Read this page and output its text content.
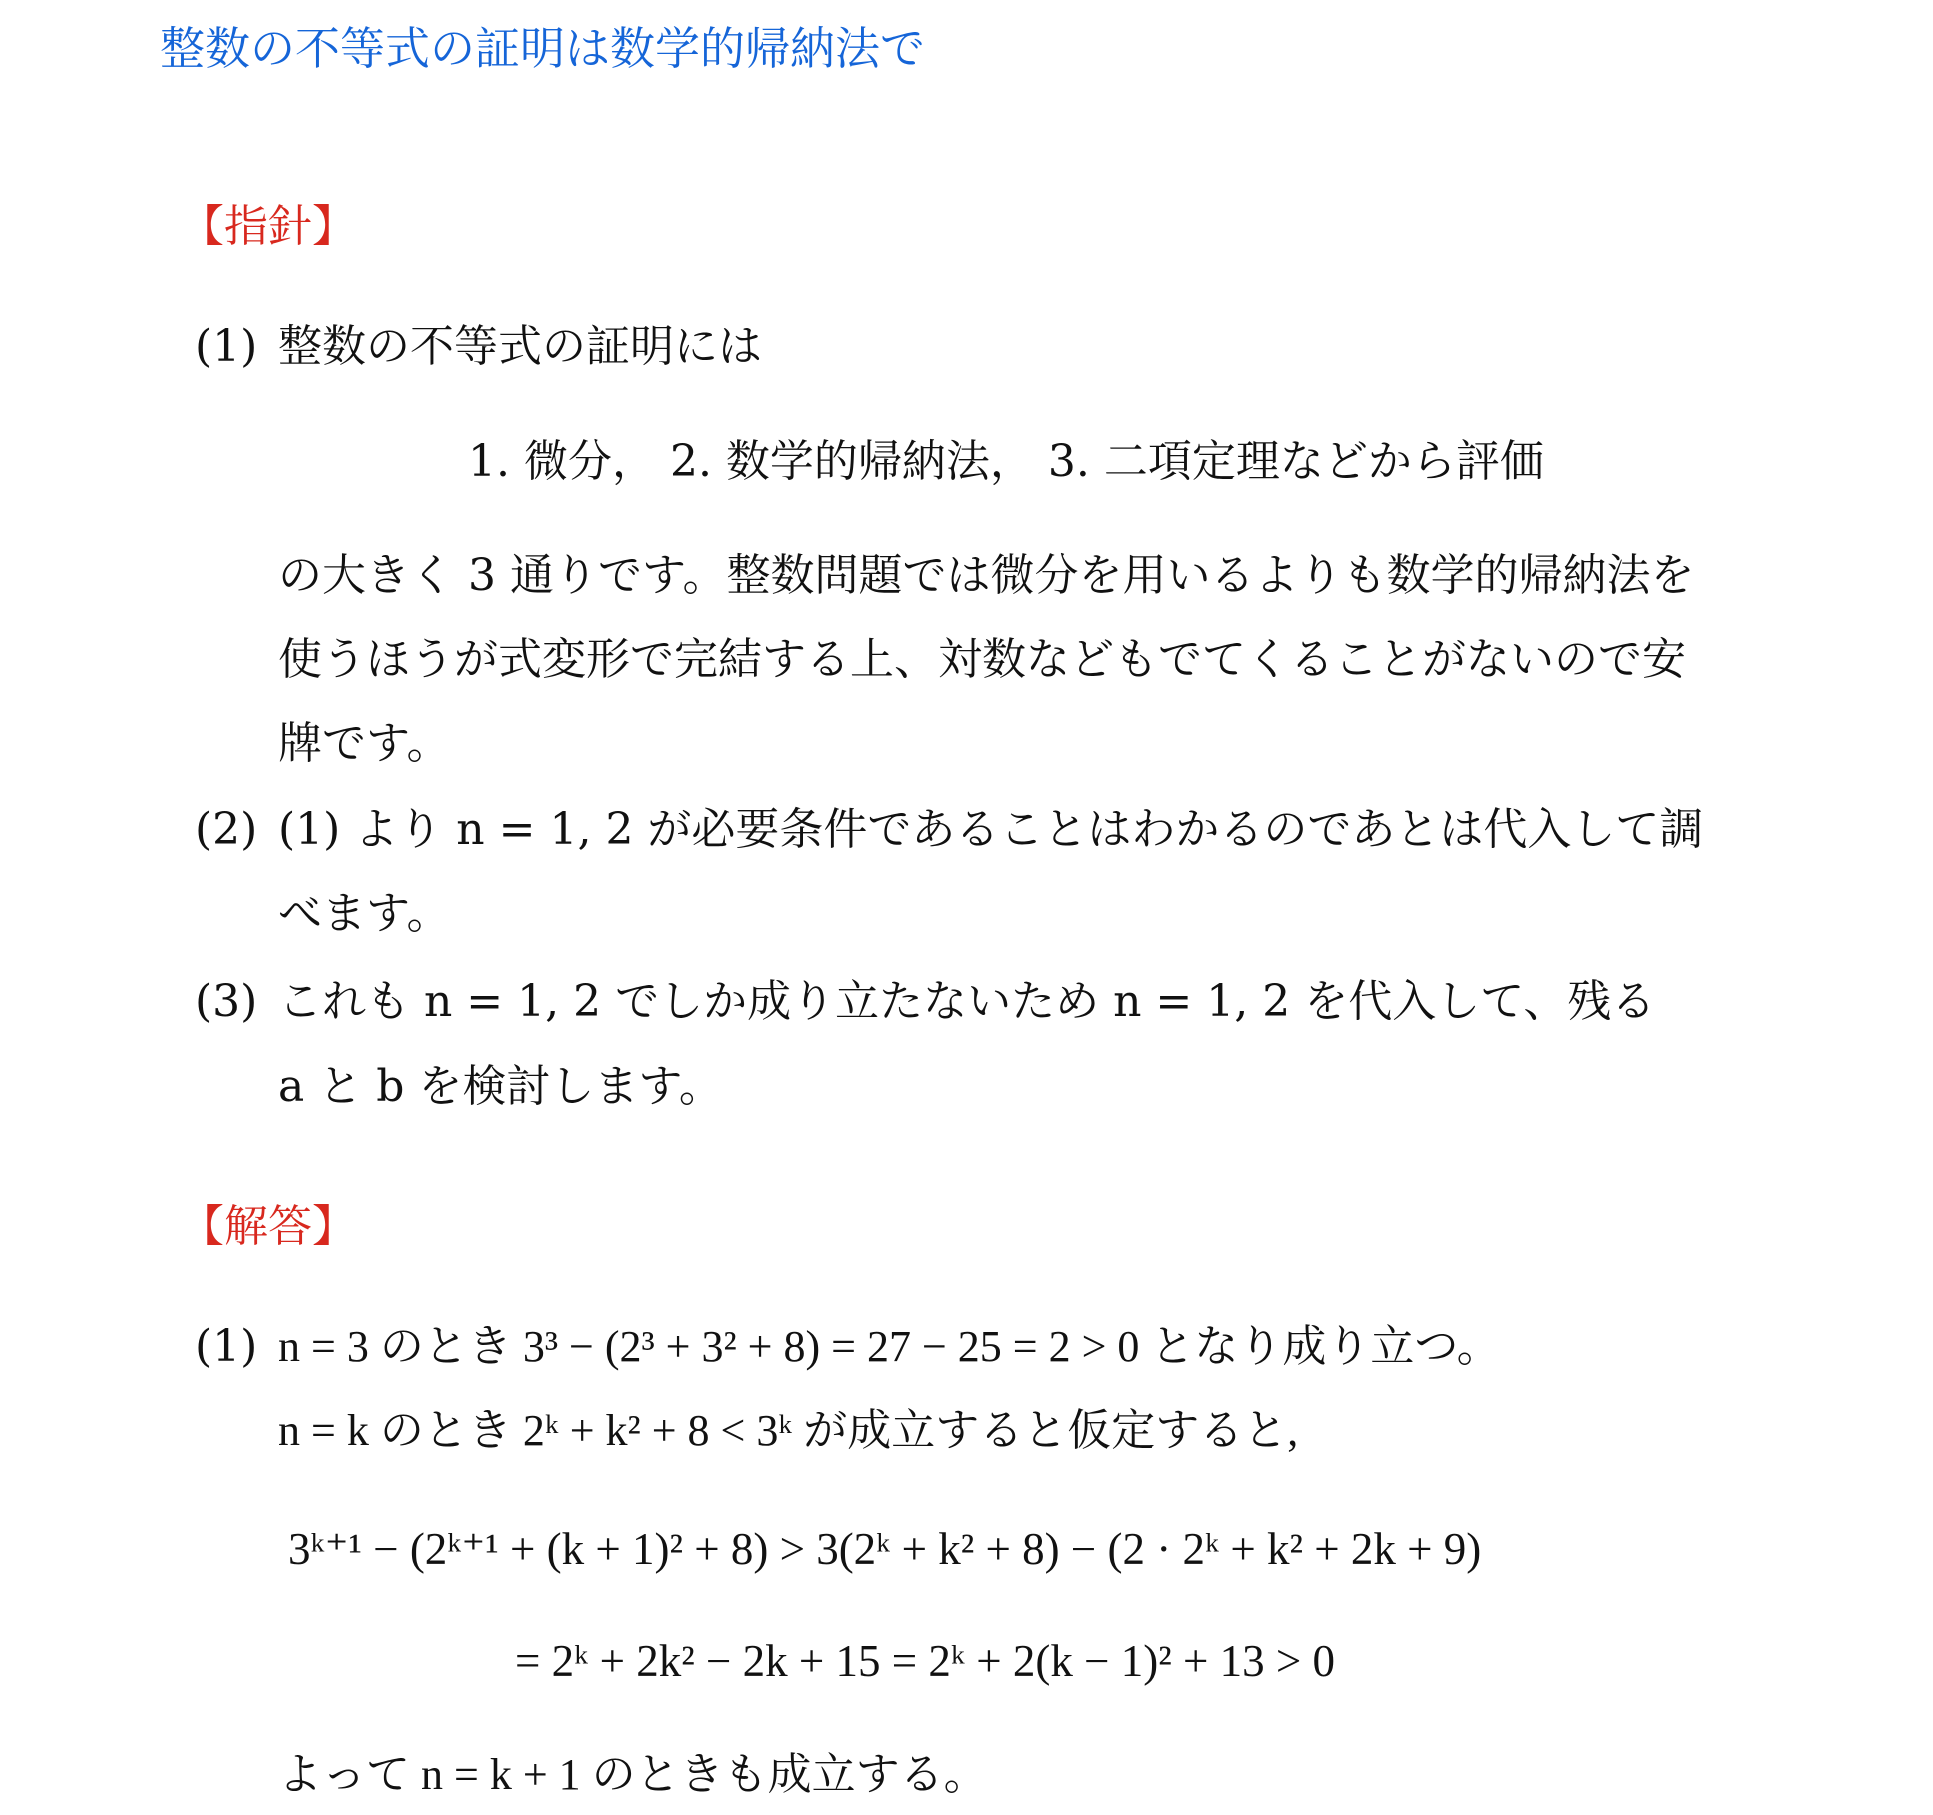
整数の不等式の証明は数学的帰納法で
【指針】
(1) 整数の不等式の証明には
1. 微分， 2. 数学的帰納法， 3. 二項定理などから評価
の大きく 3 通りです。整数問題では微分を用いるよりも数学的帰納法を
使うほうが式変形で完結する上、対数などもでてくることがないので安
牌です。
(2) (1) より n = 1, 2 が必要条件であることはわかるのであとは代入して調
べます。
(3) これも n = 1, 2 でしか成り立たないため n = 1, 2 を代入して、残る
a と b を検討します。
【解答】
(1) n = 3 のとき 3³ − (2³ + 3² + 8) = 27 − 25 = 2 > 0 となり成り立つ。
n = k のとき 2ᵏ + k² + 8 < 3ᵏ が成立すると仮定すると,
3ᵏ⁺¹ − (2ᵏ⁺¹ + (k + 1)² + 8) > 3(2ᵏ + k² + 8) − (2 · 2ᵏ + k² + 2k + 9)
= 2ᵏ + 2k² − 2k + 15 = 2ᵏ + 2(k − 1)² + 13 > 0
よって n = k + 1 のときも成立する。
